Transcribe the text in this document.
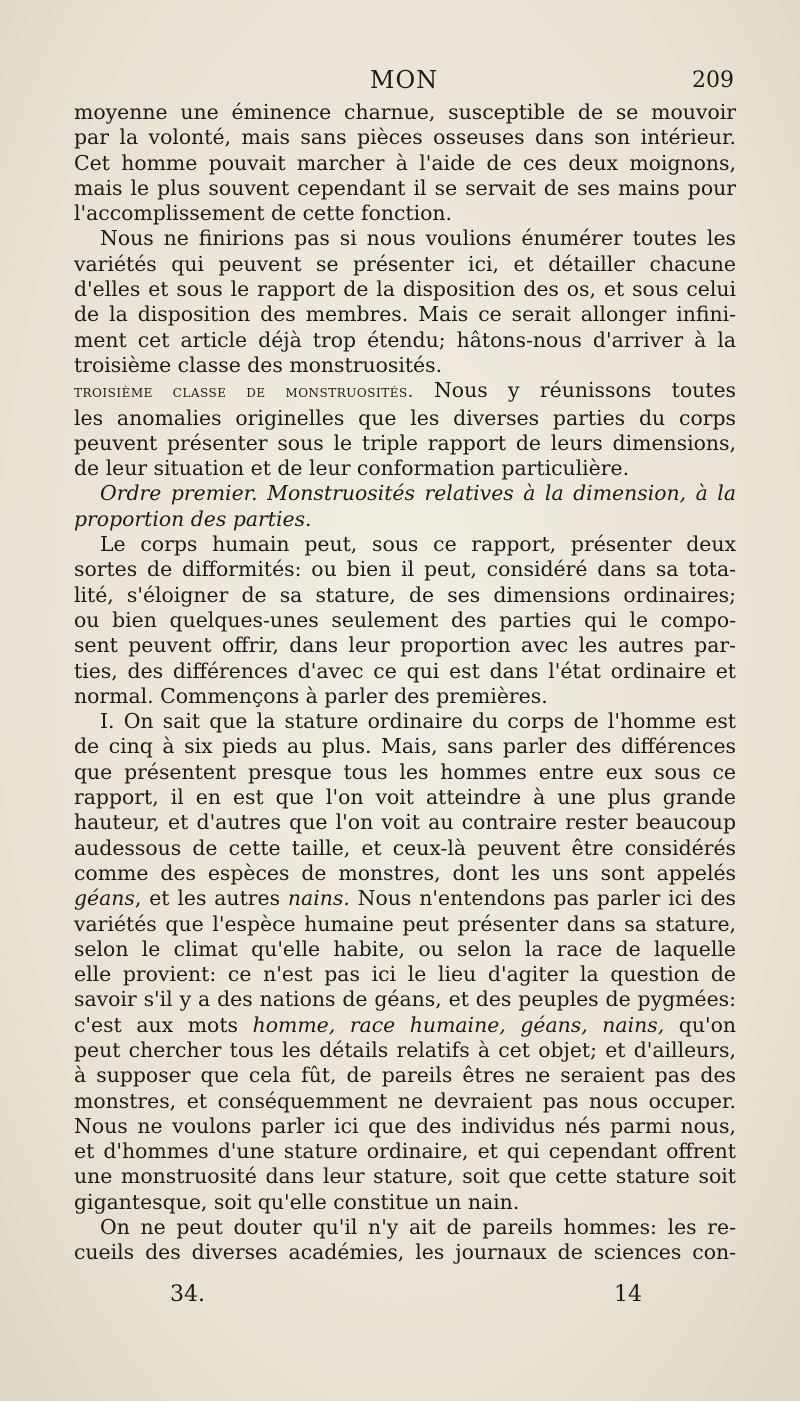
MON	209
moyenne une éminence charnue, susceptible de se mouvoir
par la volonté, mais sans pièces osseuses dans son intérieur.
Cet homme pouvait marcher à l'aide de ces deux moignons,
mais le plus souvent cependant il se servait de ses mains pour
l'accomplissement de cette fonction.
Nous ne finirions pas si nous voulions énumérer toutes les
variétés qui peuvent se présenter ici, et détailler chacune
d'elles et sous le rapport de la disposition des os, et sous celui
de la disposition des membres. Mais ce serait allonger infini-
ment cet article déjà trop étendu; hâtons-nous d'arriver à la
troisième classe des monstruosités.
troisième classe de monstruosités. Nous y réunissons toutes
les anomalies originelles que les diverses parties du corps
peuvent présenter sous le triple rapport de leurs dimensions,
de leur situation et de leur conformation particulière.
Ordre premier. Monstruosités relatives à la dimension, à la
proportion des parties.
Le corps humain peut, sous ce rapport, présenter deux
sortes de difformités: ou bien il peut, considéré dans sa tota-
lité, s'éloigner de sa stature, de ses dimensions ordinaires;
ou bien quelques-unes seulement des parties qui le compo-
sent peuvent offrir, dans leur proportion avec les autres par-
ties, des différences d'avec ce qui est dans l'état ordinaire et
normal. Commençons à parler des premières.
I. On sait que la stature ordinaire du corps de l'homme est
de cinq à six pieds au plus. Mais, sans parler des différences
que présentent presque tous les hommes entre eux sous ce
rapport, il en est que l'on voit atteindre à une plus grande
hauteur, et d'autres que l'on voit au contraire rester beaucoup
audessous de cette taille, et ceux-là peuvent être considérés
comme des espèces de monstres, dont les uns sont appelés
géans, et les autres nains. Nous n'entendons pas parler ici des
variétés que l'espèce humaine peut présenter dans sa stature,
selon le climat qu'elle habite, ou selon la race de laquelle
elle provient: ce n'est pas ici le lieu d'agiter la question de
savoir s'il y a des nations de géans, et des peuples de pygmées:
c'est aux mots homme, race humaine, géans, nains, qu'on
peut chercher tous les détails relatifs à cet objet; et d'ailleurs,
à supposer que cela fût, de pareils êtres ne seraient pas des
monstres, et conséquemment ne devraient pas nous occuper.
Nous ne voulons parler ici que des individus nés parmi nous,
et d'hommes d'une stature ordinaire, et qui cependant offrent
une monstruosité dans leur stature, soit que cette stature soit
gigantesque, soit qu'elle constitue un nain.
On ne peut douter qu'il n'y ait de pareils hommes: les re-
cueils des diverses académies, les journaux de sciences con-
34.	14
